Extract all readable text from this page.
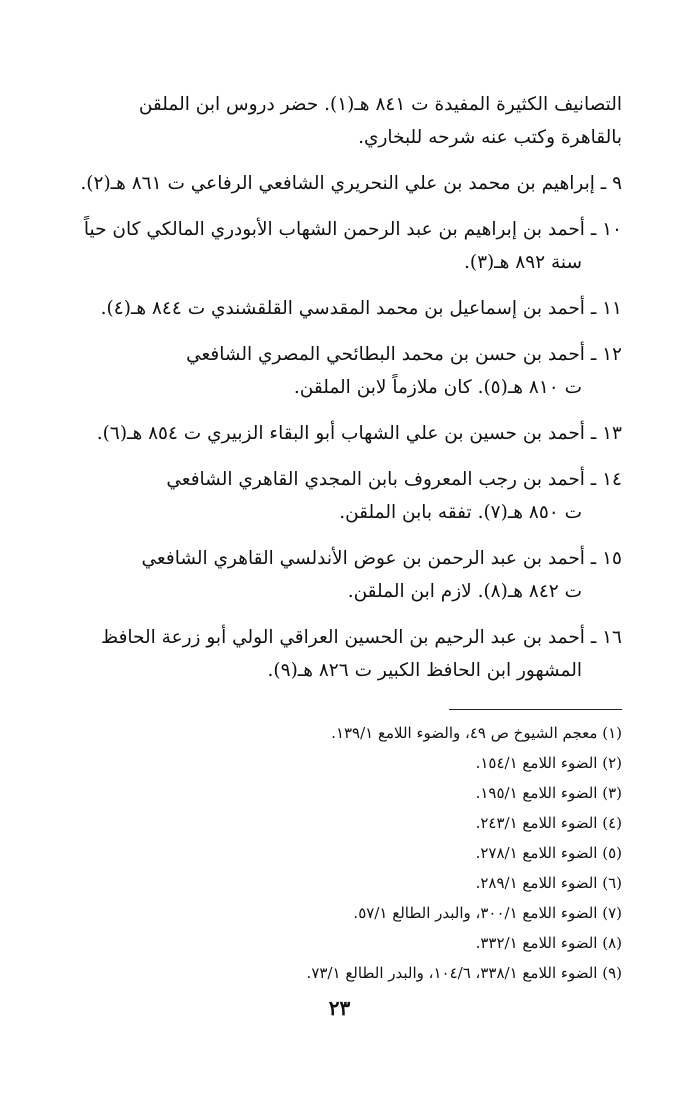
التصانيف الكثيرة المفيدة ت ٨٤١ هـ(١). حضر دروس ابن الملقن
بالقاهرة وكتب عنه شرحه للبخاري.
٩ ـ إبراهيم بن محمد بن علي النحريري الشافعي الرفاعي ت ٨٦١ هـ(٢).
١٠ ـ أحمد بن إبراهيم بن عبد الرحمن الشهاب الأبودري المالكي كان حياً
سنة ٨٩٢ هـ(٣).
١١ ـ أحمد بن إسماعيل بن محمد المقدسي القلقشندي ت ٨٤٤ هـ(٤).
١٢ ـ أحمد بن حسن بن محمد البطائحي المصري الشافعي
ت ٨١٠ هـ(٥). كان ملازماً لابن الملقن.
١٣ ـ أحمد بن حسين بن علي الشهاب أبو البقاء الزبيري ت ٨٥٤ هـ(٦).
١٤ ـ أحمد بن رجب المعروف بابن المجدي القاهري الشافعي
ت ٨٥٠ هـ(٧). تفقه بابن الملقن.
١٥ ـ أحمد بن عبد الرحمن بن عوض الأندلسي القاهري الشافعي
ت ٨٤٢ هـ(٨). لازم ابن الملقن.
١٦ ـ أحمد بن عبد الرحيم بن الحسين العراقي الولي أبو زرعة الحافظ
المشهور ابن الحافظ الكبير ت ٨٢٦ هـ(٩).
(١) معجم الشيوخ ص ٤٩، والضوء اللامع ١٣٩/١.
(٢) الضوء اللامع ١٥٤/١.
(٣) الضوء اللامع ١٩٥/١.
(٤) الضوء اللامع ٢٤٣/١.
(٥) الضوء اللامع ٢٧٨/١.
(٦) الضوء اللامع ٢٨٩/١.
(٧) الضوء اللامع ٣٠٠/١، والبدر الطالع ٥٧/١.
(٨) الضوء اللامع ٣٣٢/١.
(٩) الضوء اللامع ٣٣٨/١، ١٠٤/٦، والبدر الطالع ٧٣/١.
٢٣
